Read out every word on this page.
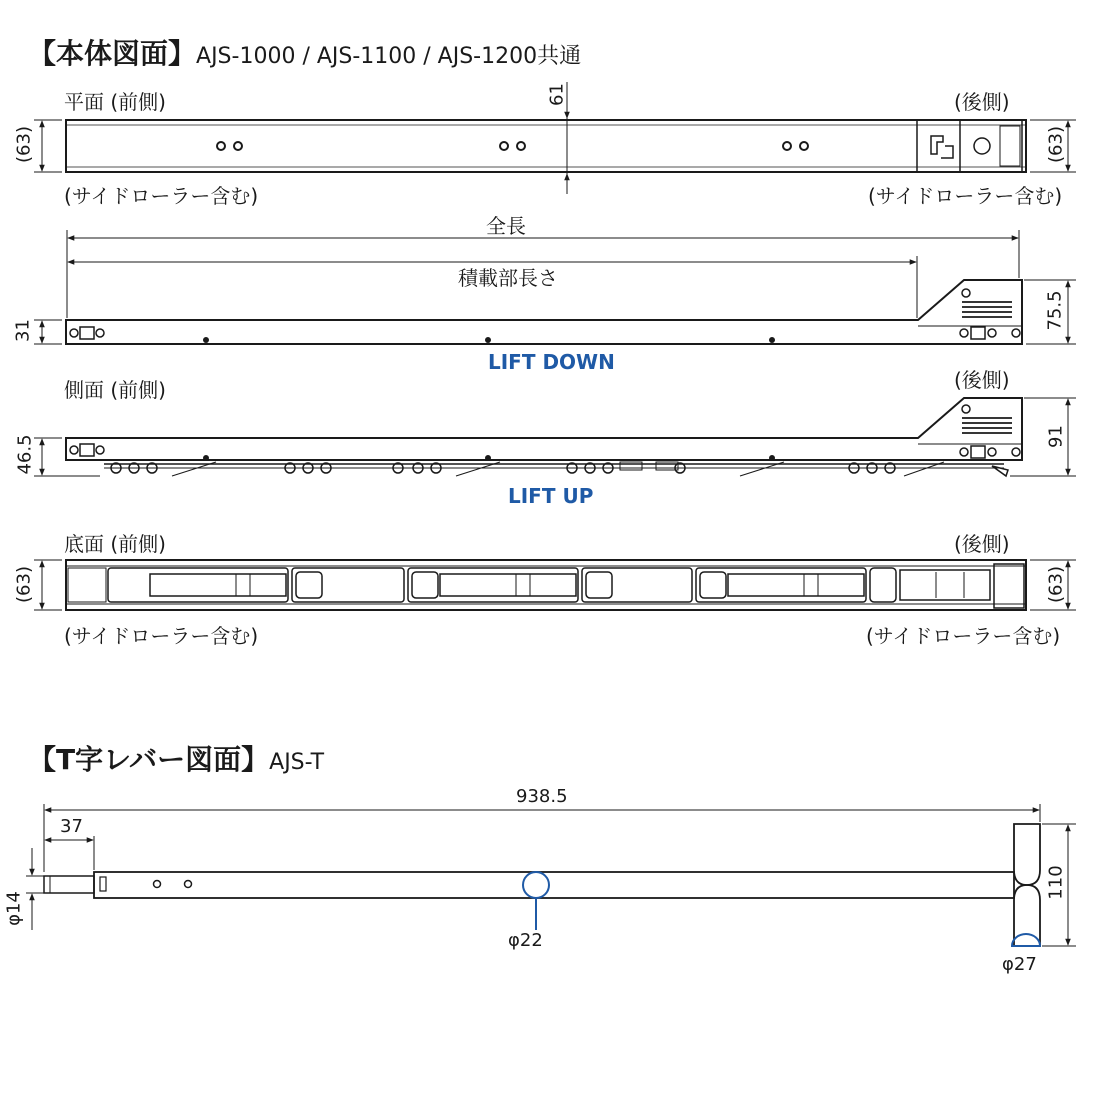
【本体図面】AJS-1000 / AJS-1100 / AJS-1200共通
平面 (前側)	(後側)
(63)	(63)
61
(サイドローラー含む)	(サイドローラー含む)
全長
積載部長さ
31	75.5
LIFT DOWN
側面 (前側)	(後側)
46.5	91
LIFT UP
底面 (前側)	(後側)
(63)	(63)
(サイドローラー含む)	(サイドローラー含む)
【T字レバー図面】AJS-T
938.5
37
φ14
φ22
φ27
110
